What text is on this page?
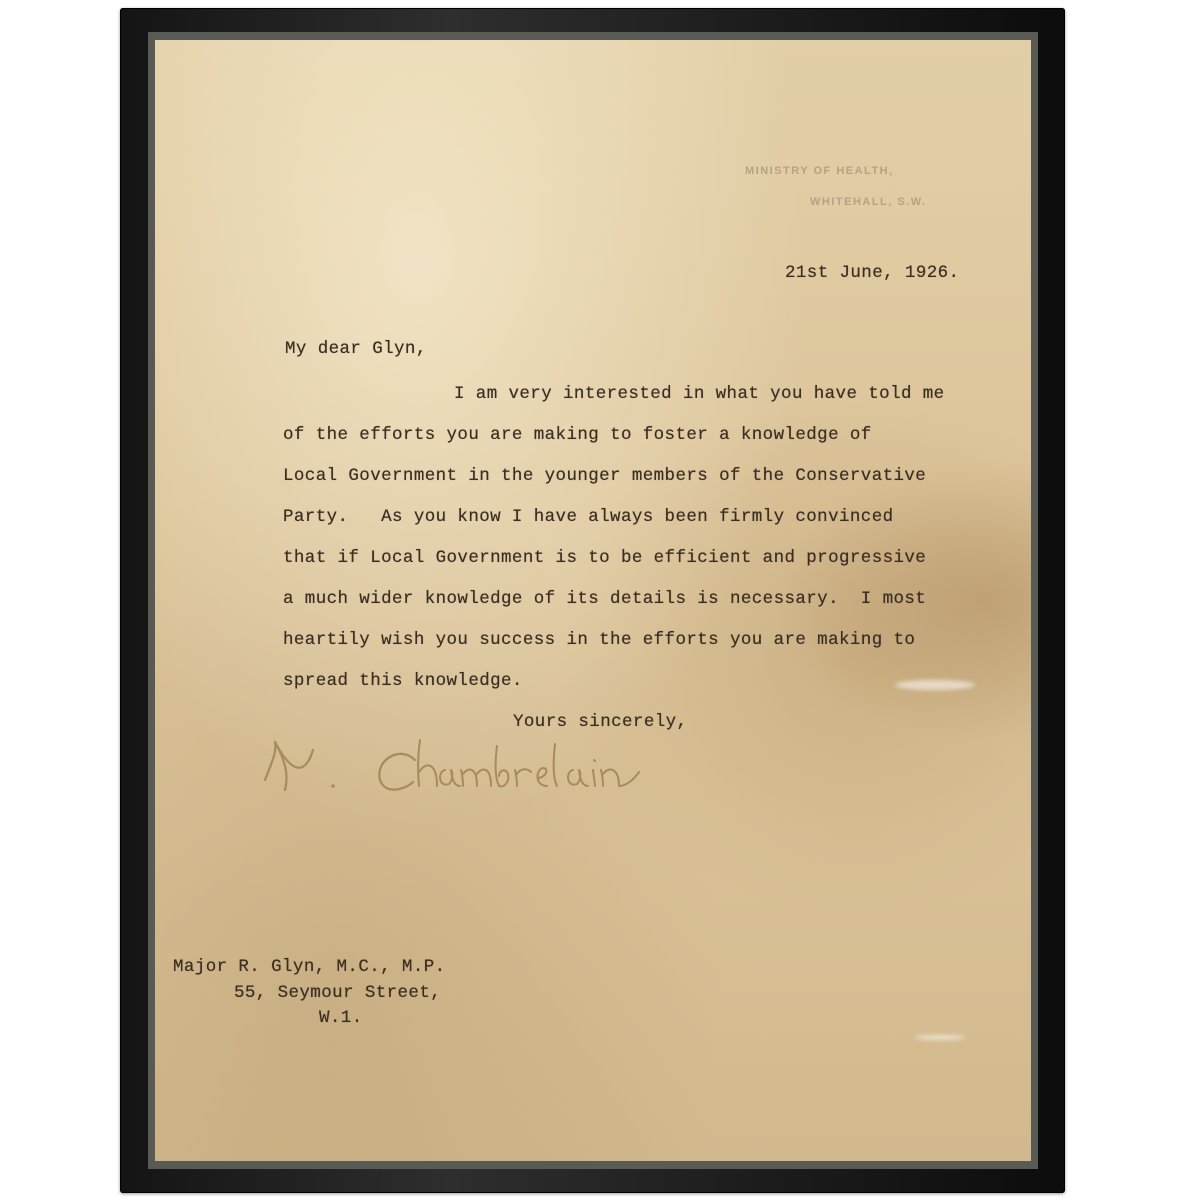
MINISTRY OF HEALTH,
WHITEHALL, S.W.
21st June, 1926.
My dear Glyn,
I am very interested in what you have told me
of the efforts you are making to foster a knowledge of
Local Government in the younger members of the Conservative
Party.   As you know I have always been firmly convinced
that if Local Government is to be efficient and progressive
a much wider knowledge of its details is necessary.  I most
heartily wish you success in the efforts you are making to
spread this knowledge.
Yours sincerely,
Major R. Glyn, M.C., M.P.
55, Seymour Street,
W.1.
